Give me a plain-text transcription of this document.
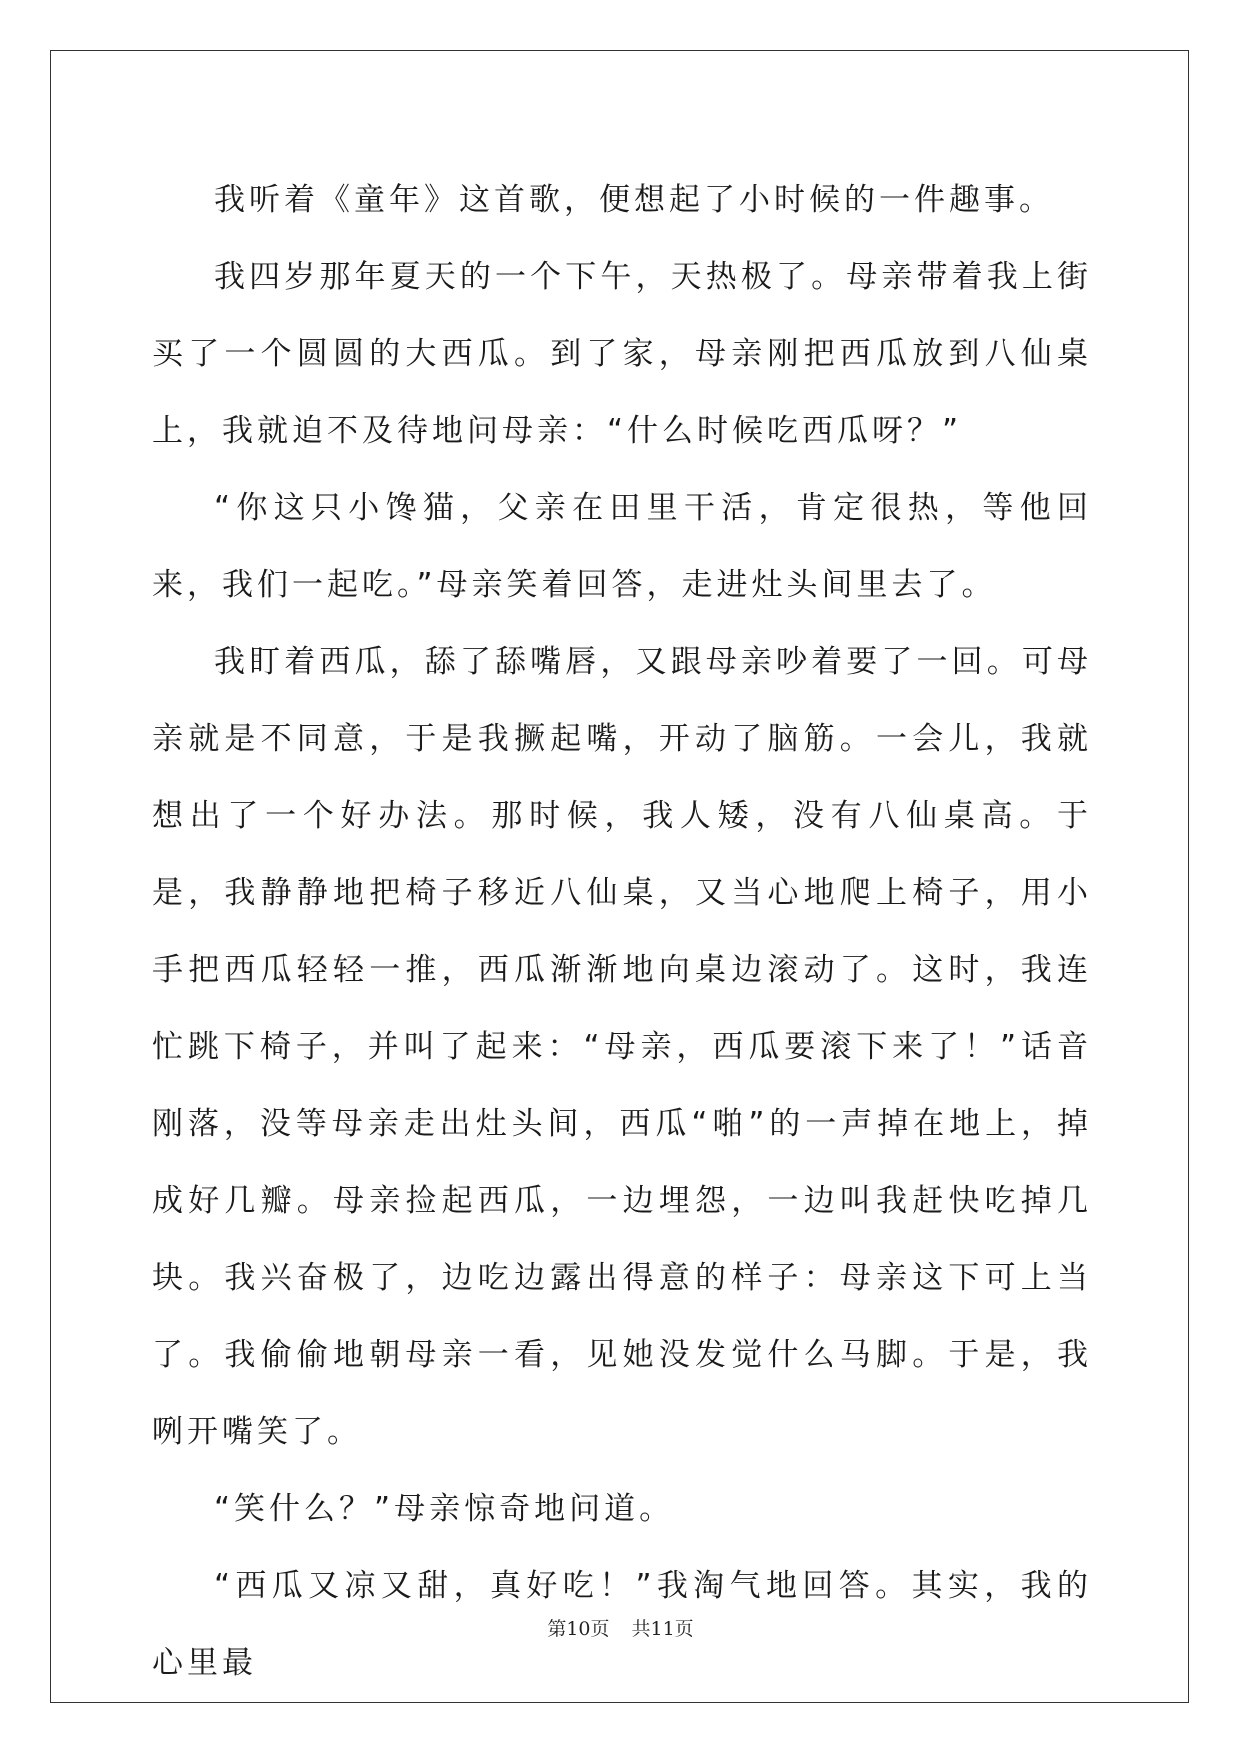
我听着《童年》这首歌，便想起了小时候的一件趣事。

我四岁那年夏天的一个下午，天热极了。母亲带着我上街买了一个圆圆的大西瓜。到了家，母亲刚把西瓜放到八仙桌上，我就迫不及待地问母亲：“什么时候吃西瓜呀？”

“你这只小馋猫，父亲在田里干活，肯定很热，等他回来，我们一起吃。”母亲笑着回答，走进灶头间里去了。

我盯着西瓜，舔了舔嘴唇，又跟母亲吵着要了一回。可母亲就是不同意，于是我撅起嘴，开动了脑筋。一会儿，我就想出了一个好办法。那时候，我人矮，没有八仙桌高。于是，我静静地把椅子移近八仙桌，又当心地爬上椅子，用小手把西瓜轻轻一推，西瓜渐渐地向桌边滚动了。这时，我连忙跳下椅子，并叫了起来：“母亲，西瓜要滚下来了！”话音刚落，没等母亲走出灶头间，西瓜“啪”的一声掉在地上，掉成好几瓣。母亲捡起西瓜，一边埋怨，一边叫我赶快吃掉几块。我兴奋极了，边吃边露出得意的样子：母亲这下可上当了。我偷偷地朝母亲一看，见她没发觉什么马脚。于是，我咧开嘴笑了。

“笑什么？”母亲惊奇地问道。

“西瓜又凉又甜，真好吃！”我淘气地回答。其实，我的心里最

第10页 共11页
